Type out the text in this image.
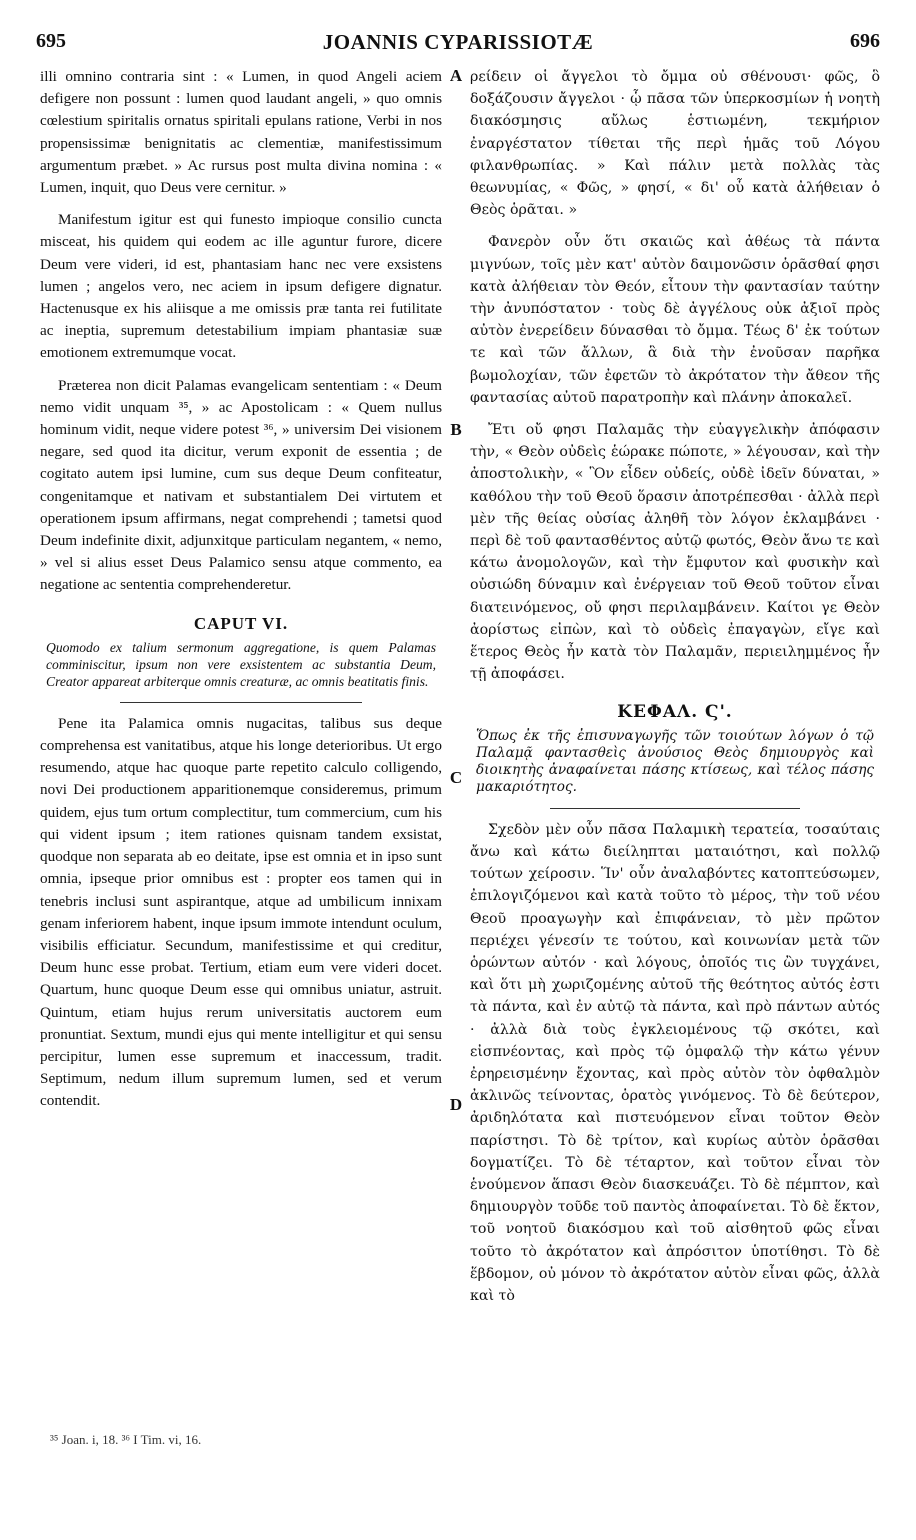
695	JOANNIS CYPARISSIOTÆ	696

illi omnino contraria sint : « Lumen, in quod Angeli aciem defigere non possunt : lumen quod laudant angeli, » quo omnis cœlestium spiritalis ornatus spiritali epulans ratione, Verbi in nos propensissimæ benignitatis ac clementiæ, manifestissimum argumentum præbet. » Ac rursus post multa divina nomina : « Lumen, inquit, quo Deus vere cernitur. »

Manifestum igitur est qui funesto impioque consilio cuncta misceat, his quidem qui eodem ac ille aguntur furore, dicere Deum vere videri, id est, phantasiam hanc nec vere exsistens lumen ; angelos vero, nec aciem in ipsum defigere dignatur. Hactenusque ex his aliisque a me omissis præ tanta rei futilitate ac ineptia, supremum detestabilium impiam phantasiæ suæ emotionem extremumque vocat.

Præterea non dicit Palamas evangelicam sententiam : « Deum nemo vidit unquam ³⁵, » ac Apostolicam : « Quem nullus hominum vidit, neque videre potest ³⁶, » universim Dei visionem negare, sed quod ita dicitur, verum exponit de essentia ; de cogitato autem ipsi lumine, cum sus deque Deum confiteatur, congenitamque et nativam et substantialem Dei virtutem et operationem ipsum affirmans, negat comprehendi ; tametsi quod Deum indefinite dixit, adjunxitque particulam negantem, « nemo, » vel si alius esset Deus Palamico sensu atque commento, ea negatione ac sententia comprehenderetur.

CAPUT VI.
Quomodo ex talium sermonum aggregatione, is quem Palamas comminiscitur, ipsum non vere exsistentem ac substantia Deum, Creator appareat arbiterque omnis creaturæ, ac omnis beatitatis finis.

Pene ita Palamica omnis nugacitas, talibus sus deque comprehensa est vanitatibus, atque his longe deterioribus. Ut ergo resumendo, atque hac quoque parte repetito calculo colligendo, novi Dei productionem apparitionemque consideremus, primum quidem, ejus tum ortum complectitur, tum commercium, cum his qui vident ipsum ; item rationes quisnam tandem exsistat, quodque non separata ab eo deitate, ipse est omnia et in ipso sunt omnia, ipseque prior omnibus est : propter eos tamen qui in tenebris inclusi sunt aspirantque, atque ad umbilicum innixam genam inferiorem habent, inque ipsum immote intendunt oculum, visibilis efficiatur. Secundum, manifestissime et qui creditur, Deum hunc esse probat. Tertium, etiam eum vere videri docet. Quartum, hunc quoque Deum esse qui omnibus uniatur, astruit. Quintum, etiam hujus rerum universitatis auctorem eum pronuntiat. Sextum, mundi ejus qui mente intelligitur et qui sensu percipitur, lumen esse supremum et inaccessum, tradit. Septimum, nedum illum supremum lumen, sed et verum contendit.

A
B
C
D

ρείδειν οἱ ἄγγελοι τὸ ὄμμα οὐ σθένουσι· φῶς, ὃ δοξάζουσιν ἄγγελοι · ᾧ πᾶσα τῶν ὑπερκοσμίων ἡ νοητὴ διακόσμησις αὔλως ἑστιωμένη, τεκμήριον ἐναργέστατον τίθεται τῆς περὶ ἡμᾶς τοῦ Λόγου φιλανθρωπίας. » Καὶ πάλιν μετὰ πολλὰς τὰς θεωνυμίας, « Φῶς, » φησί, « δι' οὗ κατὰ ἀλήθειαν ὁ Θεὸς ὁρᾶται. »

Φανερὸν οὖν ὅτι σκαιῶς καὶ ἀθέως τὰ πάντα μιγνύων, τοῖς μὲν κατ' αὐτὸν δαιμονῶσιν ὁρᾶσθαί φησι κατὰ ἀλήθειαν τὸν Θεόν, εἶτουν τὴν φαντασίαν ταύτην τὴν ἀνυπόστατον · τοὺς δὲ ἀγγέλους οὐκ ἀξιοῖ πρὸς αὐτὸν ἐνερείδειν δύνασθαι τὸ ὄμμα. Τέως δ' ἐκ τούτων τε καὶ τῶν ἄλλων, ἃ διὰ τὴν ἐνοῦσαν παρῆκα βωμολοχίαν, τῶν ἐφετῶν τὸ ἀκρότατον τὴν ἄθεον τῆς φαντασίας αὐτοῦ παρατροπὴν καὶ πλάνην ἀποκαλεῖ.

Ἔτι οὔ φησι Παλαμᾶς τὴν εὐαγγελικὴν ἀπόφασιν τὴν, « Θεὸν οὐδεὶς ἑώρακε πώποτε, » λέγουσαν, καὶ τὴν ἀποστολικὴν, « Ὃν εἶδεν οὐδείς, οὐδὲ ἰδεῖν δύναται, » καθόλου τὴν τοῦ Θεοῦ ὅρασιν ἀποτρέπεσθαι · ἀλλὰ περὶ μὲν τῆς θείας οὐσίας ἀληθῆ τὸν λόγον ἐκλαμβάνει · περὶ δὲ τοῦ φαντασθέντος αὐτῷ φωτός, Θεὸν ἄνω τε καὶ κάτω ἀνομολογῶν, καὶ τὴν ἔμφυτον καὶ φυσικὴν καὶ οὐσιώδη δύναμιν καὶ ἐνέργειαν τοῦ Θεοῦ τοῦτον εἶναι διατεινόμενος, οὔ φησι περιλαμβάνειν. Καίτοι γε Θεὸν ἀορίστως εἰπὼν, καὶ τὸ οὐδεὶς ἐπαγαγὼν, εἴγε καὶ ἕτερος Θεὸς ἦν κατὰ τὸν Παλαμᾶν, περιειλημμένος ἦν τῇ ἀποφάσει.

ΚΕΦΑΛ. Ϛ'.
Ὅπως ἐκ τῆς ἐπισυναγωγῆς τῶν τοιούτων λόγων ὁ τῷ Παλαμᾷ φαντασθεὶς ἀνούσιος Θεὸς δημιουργὸς καὶ διοικητὴς ἀναφαίνεται πάσης κτίσεως, καὶ τέλος πάσης μακαριότητος.

Σχεδὸν μὲν οὖν πᾶσα Παλαμικὴ τερατεία, τοσαύταις ἄνω καὶ κάτω διείληπται ματαιότησι, καὶ πολλῷ τούτων χείροσιν. Ἵν' οὖν ἀναλαβόντες κατοπτεύσωμεν, ἐπιλογιζόμενοι καὶ κατὰ τοῦτο τὸ μέρος, τὴν τοῦ νέου Θεοῦ προαγωγὴν καὶ ἐπιφάνειαν, τὸ μὲν πρῶτον περιέχει γένεσίν τε τούτου, καὶ κοινωνίαν μετὰ τῶν ὁρώντων αὐτόν · καὶ λόγους, ὁποῖός τις ὢν τυγχάνει, καὶ ὅτι μὴ χωριζομένης αὐτοῦ τῆς θεότητος αὐτός ἐστι τὰ πάντα, καὶ ἐν αὐτῷ τὰ πάντα, καὶ πρὸ πάντων αὐτός · ἀλλὰ διὰ τοὺς ἐγκλειομένους τῷ σκότει, καὶ εἰσπνέοντας, καὶ πρὸς τῷ ὀμφαλῷ τὴν κάτω γένυν ἐρηρεισμένην ἔχοντας, καὶ πρὸς αὐτὸν τὸν ὀφθαλμὸν ἀκλινῶς τείνοντας, ὁρατὸς γινόμενος. Τὸ δὲ δεύτερον, ἀριδηλότατα καὶ πιστευόμενον εἶναι τοῦτον Θεὸν παρίστησι. Τὸ δὲ τρίτον, καὶ κυρίως αὐτὸν ὁρᾶσθαι δογματίζει. Τὸ δὲ τέταρτον, καὶ τοῦτον εἶναι τὸν ἑνούμενον ἅπασι Θεὸν διασκευάζει. Τὸ δὲ πέμπτον, καὶ δημιουργὸν τοῦδε τοῦ παντὸς ἀποφαίνεται. Τὸ δὲ ἕκτον, τοῦ νοητοῦ διακόσμου καὶ τοῦ αἰσθητοῦ φῶς εἶναι τοῦτο τὸ ἀκρότατον καὶ ἀπρόσιτον ὑποτίθησι. Τὸ δὲ ἕβδομον, οὐ μόνον τὸ ἀκρότατον αὐτὸν εἶναι φῶς, ἀλλὰ καὶ τὸ

³⁵ Joan. i, 18. ³⁶ I Tim. vi, 16.
